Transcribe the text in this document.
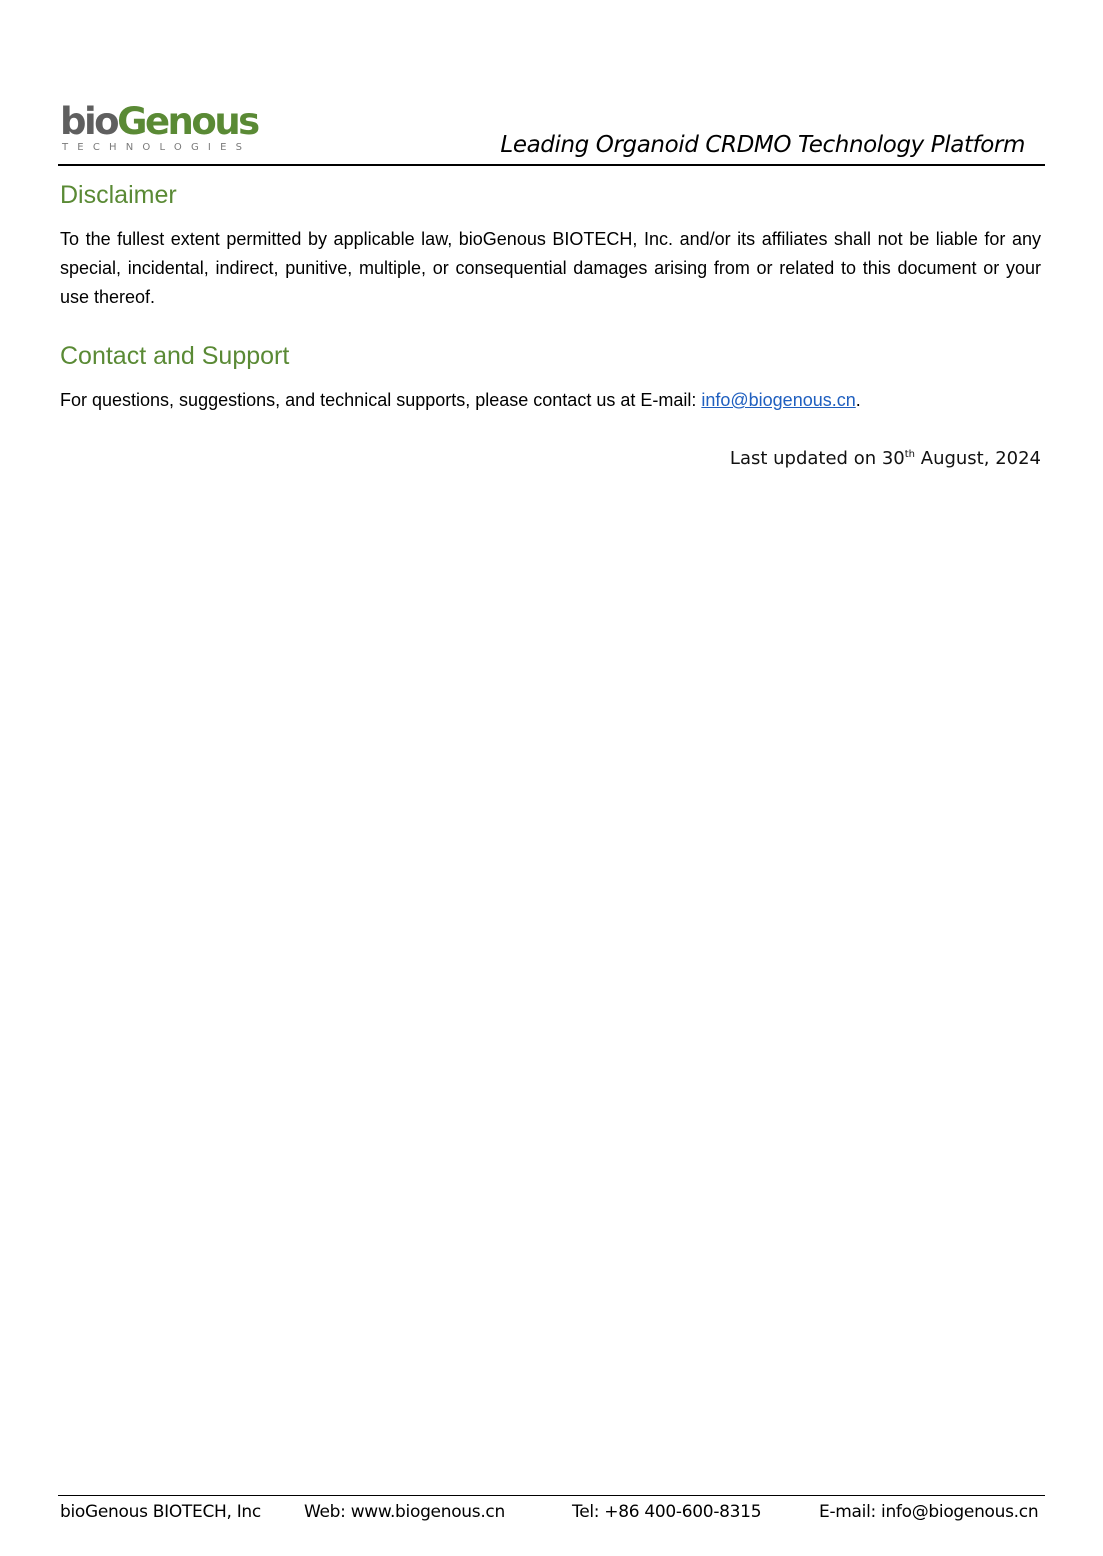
bioGenous
TECHNOLOGIES	Leading Organoid CRDMO Technology Platform
Disclaimer

To the fullest extent permitted by applicable law, bioGenous BIOTECH, Inc. and/or its affiliates shall not be liable for any special, incidental, indirect, punitive, multiple, or consequential damages arising from or related to this document or your use thereof.

Contact and Support

For questions, suggestions, and technical supports, please contact us at E-mail: info@biogenous.cn.

Last updated on 30th August, 2024
bioGenous BIOTECH, Inc	Web: www.biogenous.cn	Tel: +86 400-600-8315	E-mail: info@biogenous.cn
